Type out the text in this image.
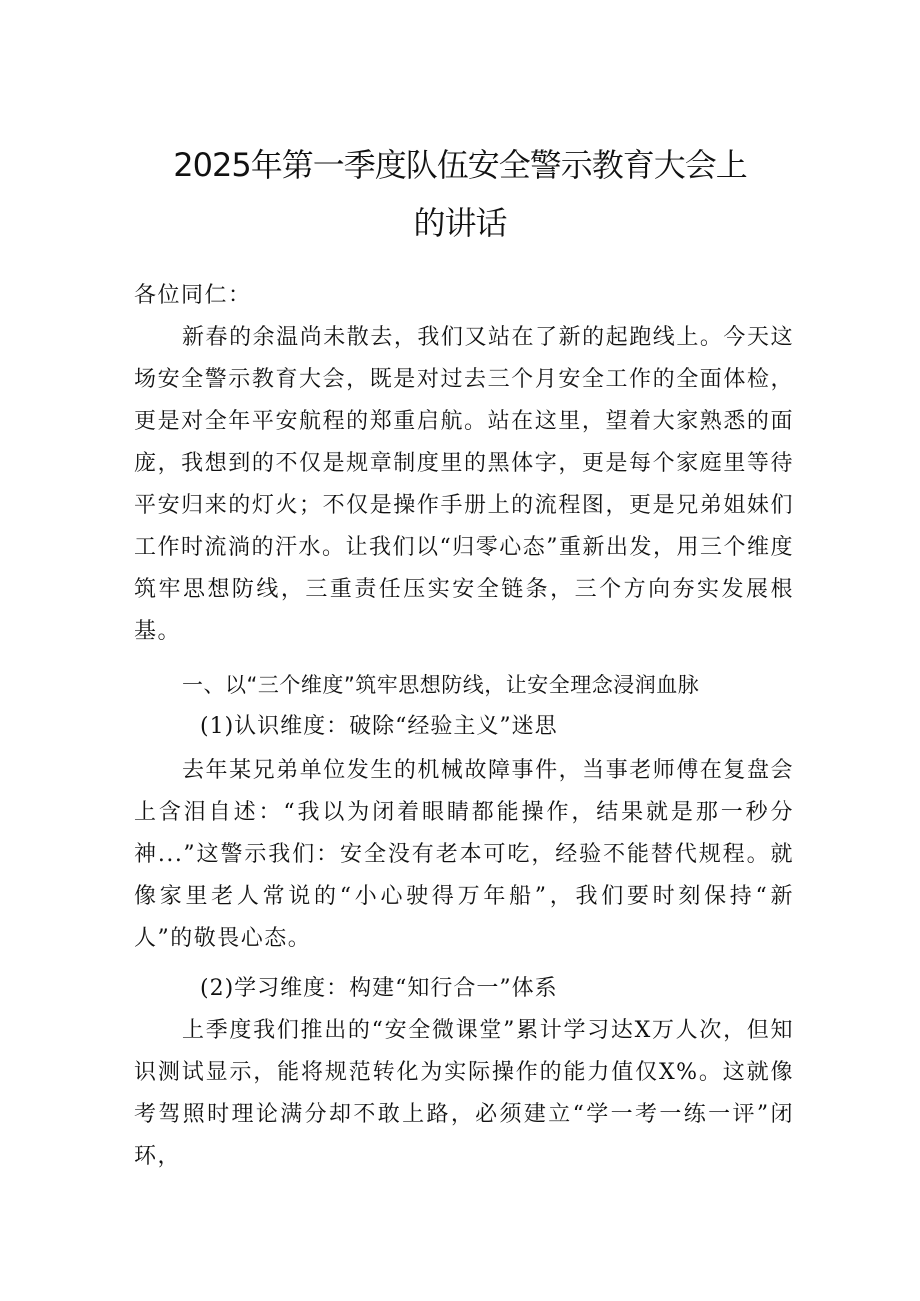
2025年第一季度队伍安全警示教育大会上
的讲话

各位同仁：

新春的余温尚未散去，我们又站在了新的起跑线上。今天这场安全警示教育大会，既是对过去三个月安全工作的全面体检，更是对全年平安航程的郑重启航。站在这里，望着大家熟悉的面庞，我想到的不仅是规章制度里的黑体字，更是每个家庭里等待平安归来的灯火；不仅是操作手册上的流程图，更是兄弟姐妹们工作时流淌的汗水。让我们以“归零心态”重新出发，用三个维度筑牢思想防线，三重责任压实安全链条，三个方向夯实发展根基。

一、以“三个维度”筑牢思想防线，让安全理念浸润血脉
(1)认识维度：破除“经验主义”迷思

去年某兄弟单位发生的机械故障事件，当事老师傅在复盘会上含泪自述：“我以为闭着眼睛都能操作，结果就是那一秒分神...”这警示我们：安全没有老本可吃，经验不能替代规程。就像家里老人常说的“小心驶得万年船”，我们要时刻保持“新人”的敬畏心态。

(2)学习维度：构建“知行合一”体系

上季度我们推出的“安全微课堂”累计学习达X万人次，但知识测试显示，能将规范转化为实际操作的能力值仅X%。这就像考驾照时理论满分却不敢上路，必须建立“学一考一练一评”闭环，
